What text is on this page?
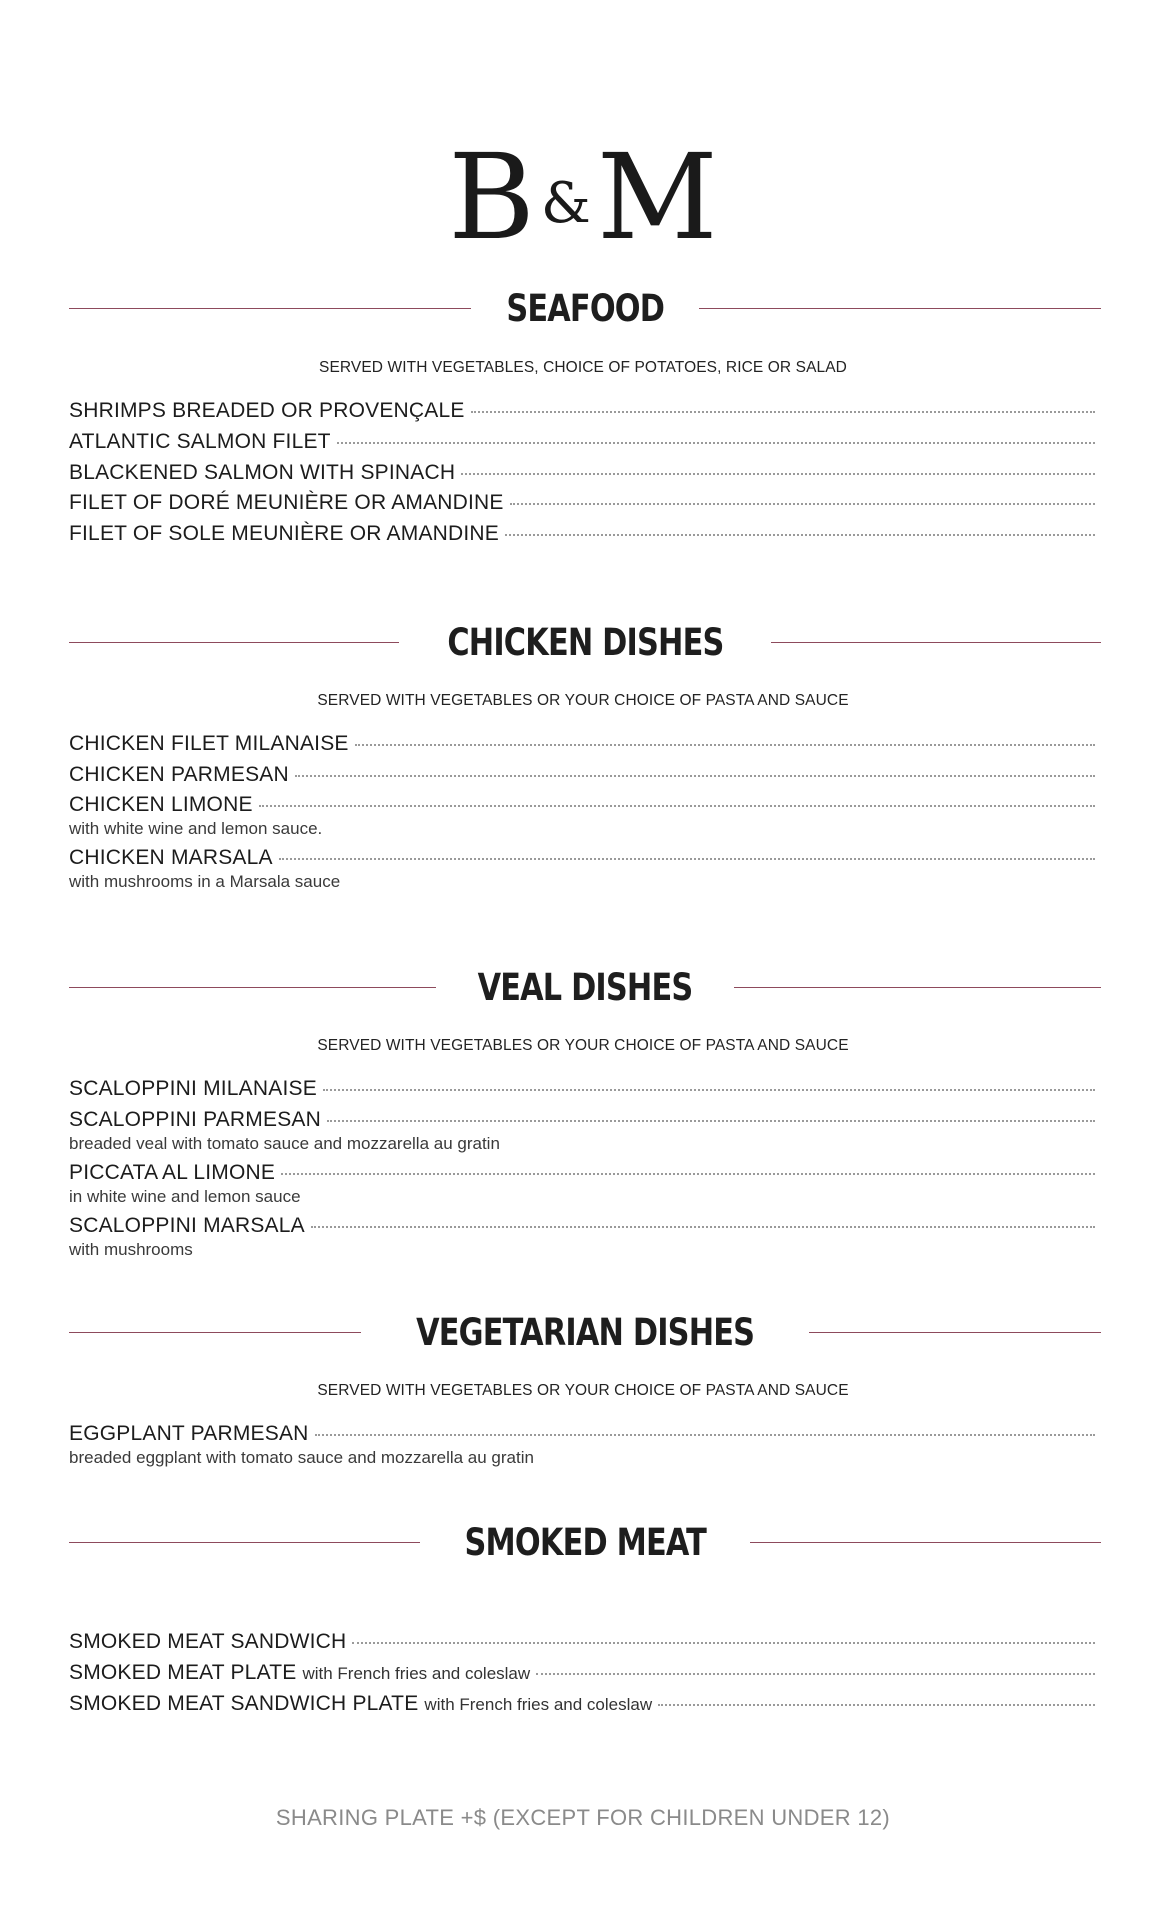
B &M
SEAFOOD
SERVED WITH VEGETABLES, CHOICE OF POTATOES, RICE OR SALAD
SHRIMPS BREADED OR PROVENÇALE
ATLANTIC SALMON FILET
BLACKENED SALMON WITH SPINACH
FILET OF DORÉ MEUNIÈRE OR AMANDINE
FILET OF SOLE MEUNIÈRE OR AMANDINE
CHICKEN DISHES
SERVED WITH VEGETABLES OR YOUR CHOICE OF PASTA AND SAUCE
CHICKEN FILET MILANAISE
CHICKEN PARMESAN
CHICKEN LIMONE
with white wine and lemon sauce.
CHICKEN MARSALA
with mushrooms in a Marsala sauce
VEAL DISHES
SERVED WITH VEGETABLES OR YOUR CHOICE OF PASTA AND SAUCE
SCALOPPINI MILANAISE
SCALOPPINI PARMESAN
breaded veal with tomato sauce and mozzarella au gratin
PICCATA AL LIMONE
in white wine and lemon sauce
SCALOPPINI MARSALA
with mushrooms
VEGETARIAN DISHES
SERVED WITH VEGETABLES OR YOUR CHOICE OF PASTA AND SAUCE
EGGPLANT PARMESAN
breaded eggplant with tomato sauce and mozzarella au gratin
SMOKED MEAT
SMOKED MEAT SANDWICH
SMOKED MEAT PLATE with French fries and coleslaw
SMOKED MEAT SANDWICH PLATE with French fries and coleslaw
SHARING PLATE +$ (EXCEPT FOR CHILDREN UNDER 12)
